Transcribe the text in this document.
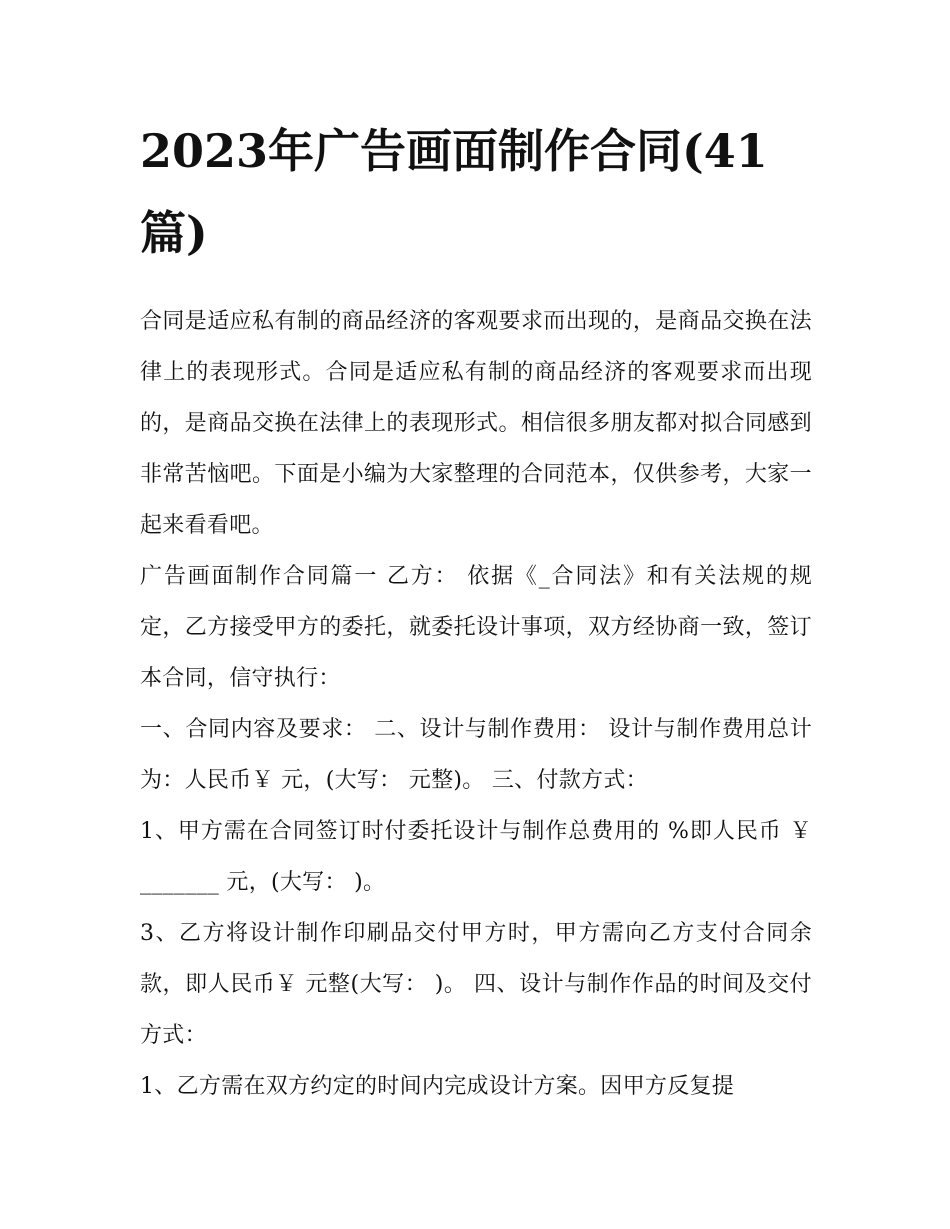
2023年广告画面制作合同(41篇)

合同是适应私有制的商品经济的客观要求而出现的，是商品交换在法律上的表现形式。合同是适应私有制的商品经济的客观要求而出现的，是商品交换在法律上的表现形式。相信很多朋友都对拟合同感到非常苦恼吧。下面是小编为大家整理的合同范本，仅供参考，大家一起来看看吧。

广告画面制作合同篇一 乙方： 依据《_合同法》和有关法规的规定，乙方接受甲方的委托，就委托设计事项，双方经协商一致，签订本合同，信守执行：

一、合同内容及要求： 二、设计与制作费用： 设计与制作费用总计为：人民币￥ 元，(大写： 元整)。 三、付款方式：

1、甲方需在合同签订时付委托设计与制作总费用的 %即人民币 ￥ _______ 元，(大写： )。

3、乙方将设计制作印刷品交付甲方时，甲方需向乙方支付合同余款，即人民币￥ 元整(大写： )。 四、设计与制作作品的时间及交付方式：

1、乙方需在双方约定的时间内完成设计方案。因甲方反复提
